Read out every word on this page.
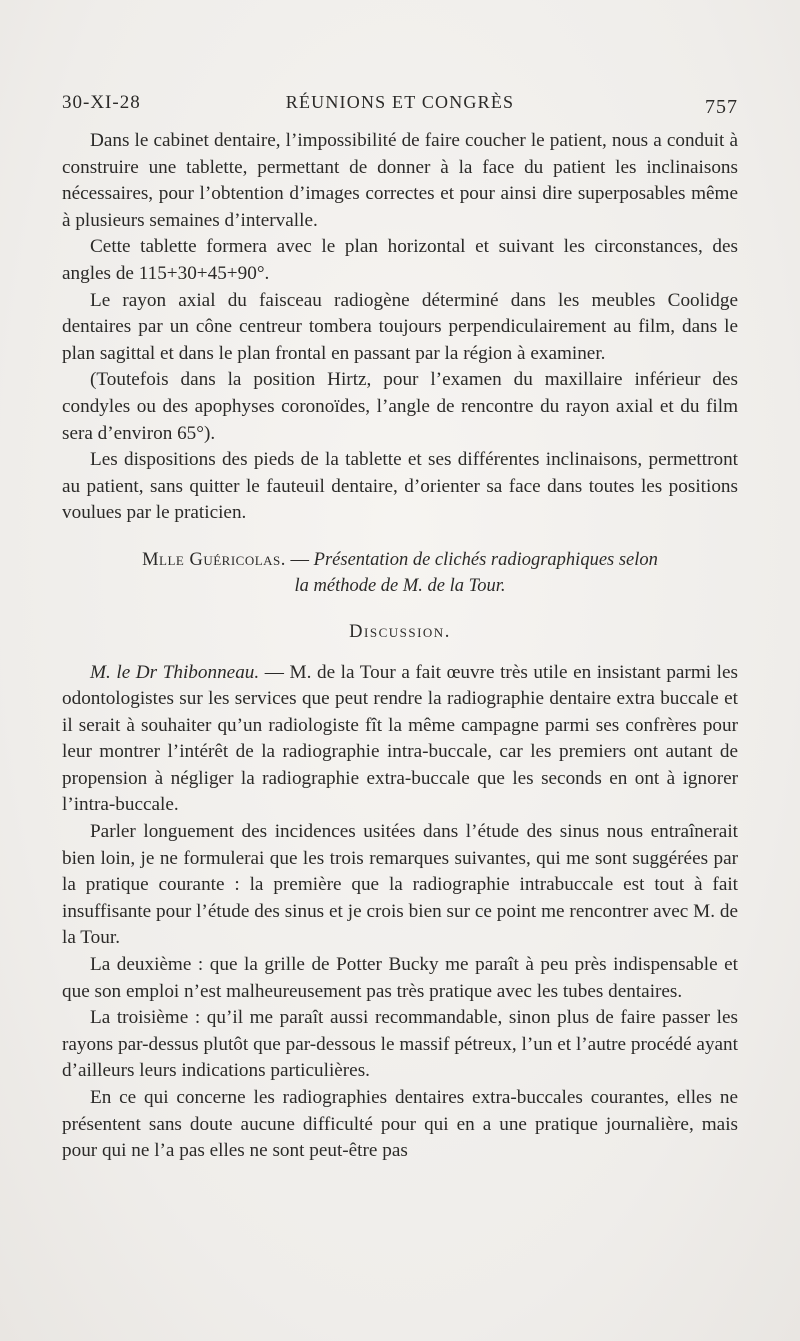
30-XI-28	RÉUNIONS ET CONGRÈS	757

Dans le cabinet dentaire, l’impossibilité de faire coucher le patient, nous a conduit à construire une tablette, permettant de donner à la face du patient les inclinaisons nécessaires, pour l’obtention d’images correctes et pour ainsi dire superposables même à plusieurs semaines d’intervalle.

Cette tablette formera avec le plan horizontal et suivant les circonstances, des angles de 115+30+45+90°.

Le rayon axial du faisceau radiogène déterminé dans les meubles Coolidge dentaires par un cône centreur tombera toujours perpendiculairement au film, dans le plan sagittal et dans le plan frontal en passant par la région à examiner.

(Toutefois dans la position Hirtz, pour l’examen du maxillaire inférieur des condyles ou des apophyses coronoïdes, l’angle de rencontre du rayon axial et du film sera d’environ 65°).

Les dispositions des pieds de la tablette et ses différentes inclinaisons, permettront au patient, sans quitter le fauteuil dentaire, d’orienter sa face dans toutes les positions voulues par le praticien.

Mlle Guéricolas. — Présentation de clichés radiographiques selon
la méthode de M. de la Tour.
Discussion.

M. le Dr Thibonneau. — M. de la Tour a fait œuvre très utile en insistant parmi les odontologistes sur les services que peut rendre la radiographie dentaire extra buccale et il serait à souhaiter qu’un radiologiste fît la même campagne parmi ses confrères pour leur montrer l’intérêt de la radiographie intra-buccale, car les premiers ont autant de propension à négliger la radiographie extra-buccale que les seconds en ont à ignorer l’intra-buccale.

Parler longuement des incidences usitées dans l’étude des sinus nous entraînerait bien loin, je ne formulerai que les trois remarques suivantes, qui me sont suggérées par la pratique courante : la première que la radiographie intrabuccale est tout à fait insuffisante pour l’étude des sinus et je crois bien sur ce point me rencontrer avec M. de la Tour.

La deuxième : que la grille de Potter Bucky me paraît à peu près indispensable et que son emploi n’est malheureusement pas très pratique avec les tubes dentaires.

La troisième : qu’il me paraît aussi recommandable, sinon plus de faire passer les rayons par-dessus plutôt que par-dessous le massif pétreux, l’un et l’autre procédé ayant d’ailleurs leurs indications particulières.

En ce qui concerne les radiographies dentaires extra-buccales courantes, elles ne présentent sans doute aucune difficulté pour qui en a une pratique journalière, mais pour qui ne l’a pas elles ne sont peut-être pas
